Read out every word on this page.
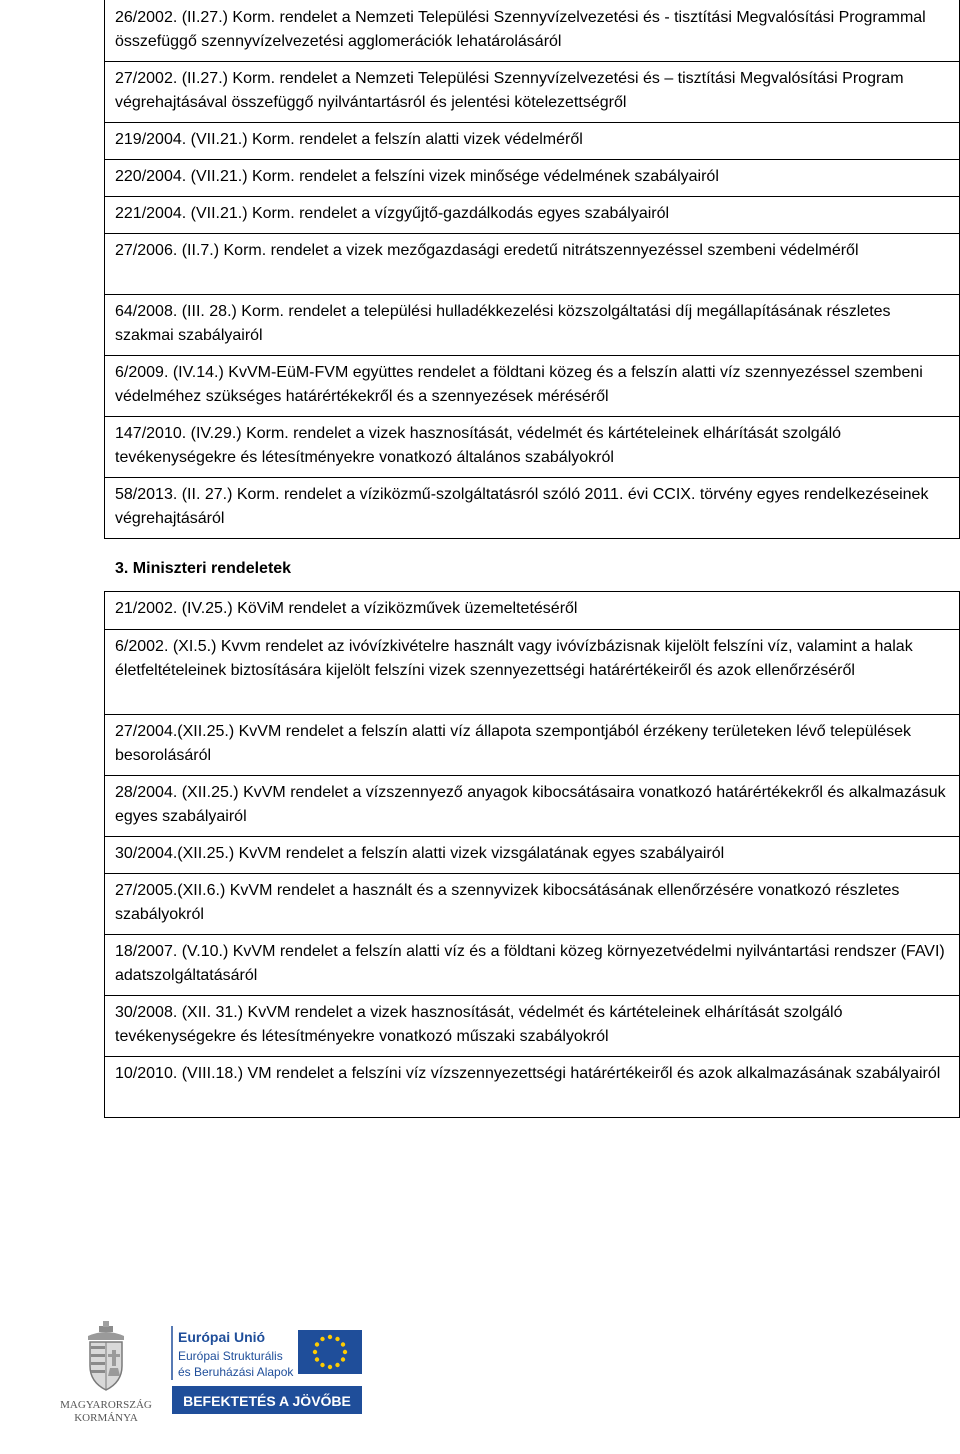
26/2002. (II.27.) Korm. rendelet a Nemzeti Települési Szennyvízelvezetési és - tisztítási Megvalósítási Programmal összefüggő szennyvízelvezetési agglomerációk lehatárolásáról
27/2002. (II.27.) Korm. rendelet a Nemzeti Települési Szennyvízelvezetési és – tisztítási Megvalósítási Program végrehajtásával összefüggő nyilvántartásról és jelentési kötelezettségről
219/2004. (VII.21.) Korm. rendelet a felszín alatti vizek védelméről
220/2004. (VII.21.) Korm. rendelet a felszíni vizek minősége védelmének szabályairól
221/2004. (VII.21.) Korm. rendelet a vízgyűjtő-gazdálkodás egyes szabályairól
27/2006. (II.7.) Korm. rendelet a vizek mezőgazdasági eredetű nitrátszennyezéssel szembeni védelméről
64/2008. (III. 28.) Korm. rendelet a települési hulladékkezelési közszolgáltatási díj megállapításának részletes szakmai szabályairól
6/2009. (IV.14.) KvVM-EüM-FVM együttes rendelet a földtani közeg és a felszín alatti víz szennyezéssel szembeni védelméhez szükséges határértékekről és a szennyezések méréséről
147/2010. (IV.29.) Korm. rendelet a vizek hasznosítását, védelmét és kártételeinek elhárítását szolgáló tevékenységekre és létesítményekre vonatkozó általános szabályokról
58/2013. (II. 27.) Korm. rendelet a víziközmű-szolgáltatásról szóló 2011. évi CCIX. törvény egyes rendelkezéseinek végrehajtásáról
3. Miniszteri rendeletek
21/2002. (IV.25.) KöViM rendelet a víziközművek üzemeltetéséről
6/2002. (XI.5.) Kvvm rendelet az ivóvízkivételre használt vagy ivóvízbázisnak kijelölt felszíni víz, valamint a halak életfeltételeinek biztosítására kijelölt felszíni vizek szennyezettségi határértékeiről és azok ellenőrzéséről
27/2004.(XII.25.) KvVM rendelet a felszín alatti víz állapota szempontjából érzékeny területeken lévő települések besorolásáról
28/2004. (XII.25.) KvVM rendelet a vízszennyező anyagok kibocsátásaira vonatkozó határértékekről és alkalmazásuk egyes szabályairól
30/2004.(XII.25.) KvVM rendelet a felszín alatti vizek vizsgálatának egyes szabályairól
27/2005.(XII.6.) KvVM rendelet a használt és a szennyvizek kibocsátásának ellenőrzésére vonatkozó részletes szabályokról
18/2007. (V.10.) KvVM rendelet a felszín alatti víz és a földtani közeg környezetvédelmi nyilvántartási rendszer (FAVI) adatszolgáltatásáról
30/2008. (XII. 31.) KvVM rendelet a vizek hasznosítását, védelmét és kártételeinek elhárítását szolgáló tevékenységekre és létesítményekre vonatkozó műszaki szabályokról
10/2010. (VIII.18.) VM rendelet a felszíni víz vízszennyezettségi határértékeiről és azok alkalmazásának szabályairól
MAGYARORSZÁG
KORMÁNYA
Európai Unió
Európai Strukturális
és Beruházási Alapok
BEFEKTETÉS A JÖVŐBE
